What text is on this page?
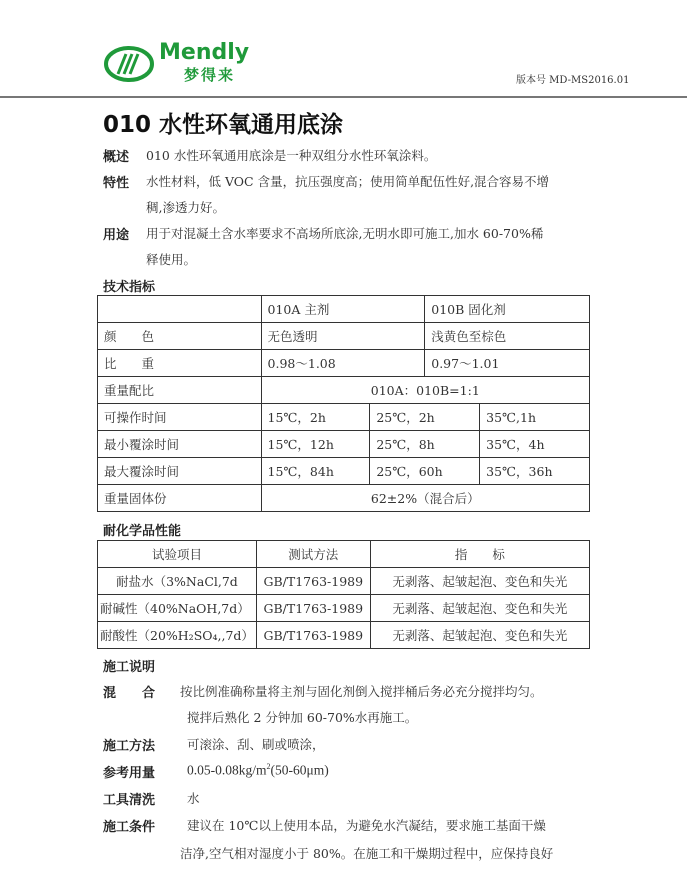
Mendly
梦得来	版本号 MD-MS2016.01
010 水性环氧通用底涂
概述 010 水性环氧通用底涂是一种双组分水性环氧涂料。
特性 水性材料，低 VOC 含量，抗压强度高；使用简单配伍性好,混合容易不增
稠,渗透力好。
用途 用于对混凝土含水率要求不高场所底涂,无明水即可施工,加水 60-70%稀
释使用。
技术指标
	010A 主剂		010B 固化剂	
颜　　色	无色透明		浅黄色至棕色	
比　　重	0.98～1.08		0.97～1.01	
重量配比	010A：010B=1:1			
可操作时间	15℃，2h	25℃，2h		35℃,1h
最小覆涂时间	15℃，12h	25℃，8h		35℃，4h
最大覆涂时间	15℃，84h	25℃，60h		35℃，36h
重量固体份	62±2%（混合后）			
耐化学品性能
试验项目	测试方法	指　　标
耐盐水（3%NaCl,7d	GB/T1763-1989	无剥落、起皱起泡、变色和失光
耐碱性（40%NaOH,7d）	GB/T1763-1989	无剥落、起皱起泡、变色和失光
耐酸性（20%H₂SO₄,,7d）	GB/T1763-1989	无剥落、起皱起泡、变色和失光
施工说明
混　　合 按比例准确称量将主剂与固化剂倒入搅拌桶后务必充分搅拌均匀。
搅拌后熟化 2 分钟加 60-70%水再施工。
施工方法	可滚涂、刮、刷或喷涂，
参考用量 $0.05-0.08kg/m^2(50-60\mu m)$
工具清洗	水
施工条件	建议在 10℃以上使用本品，为避免水汽凝结，要求施工基面干燥
洁净,空气相对湿度小于 80%。在施工和干燥期过程中，应保持良好
